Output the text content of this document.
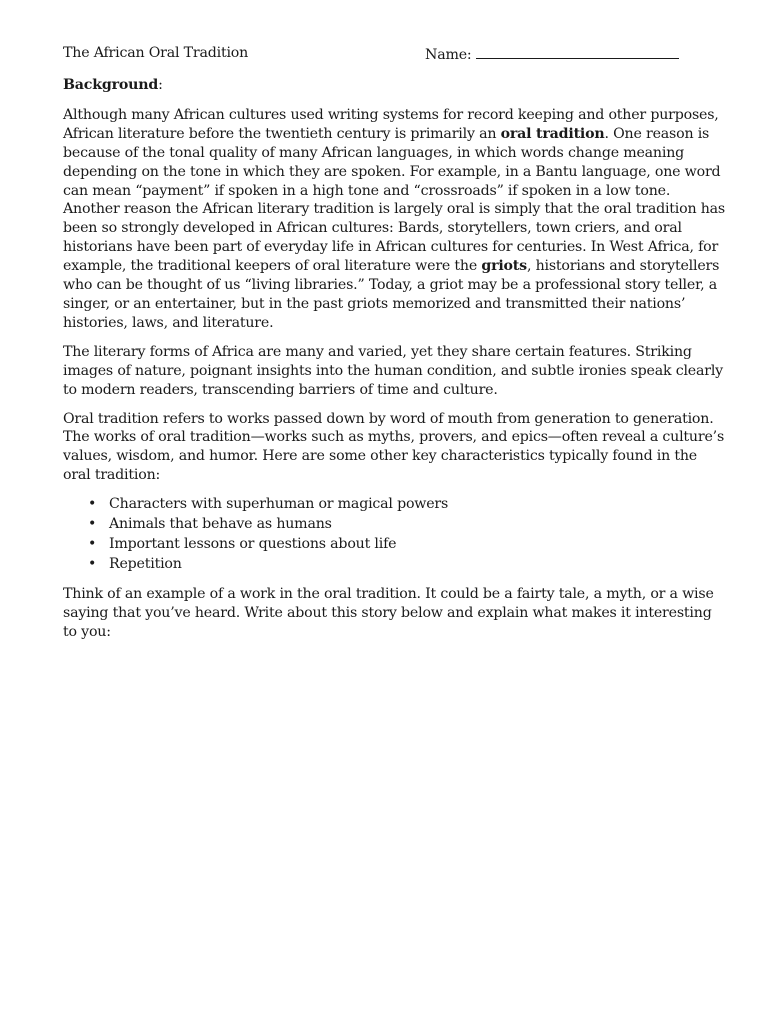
The African Oral Tradition	Name:
Background:

Although many African cultures used writing systems for record keeping and other purposes, African literature before the twentieth century is primarily an oral tradition. One reason is because of the tonal quality of many African languages, in which words change meaning depending on the tone in which they are spoken. For example, in a Bantu language, one word can mean “payment” if spoken in a high tone and “crossroads” if spoken in a low tone. Another reason the African literary tradition is largely oral is simply that the oral tradition has been so strongly developed in African cultures: Bards, storytellers, town criers, and oral historians have been part of everyday life in African cultures for centuries. In West Africa, for example, the traditional keepers of oral literature were the griots, historians and storytellers who can be thought of us “living libraries.” Today, a griot may be a professional story teller, a singer, or an entertainer, but in the past griots memorized and transmitted their nations’ histories, laws, and literature.

The literary forms of Africa are many and varied, yet they share certain features. Striking images of nature, poignant insights into the human condition, and subtle ironies speak clearly to modern readers, transcending barriers of time and culture.

Oral tradition refers to works passed down by word of mouth from generation to generation. The works of oral tradition—works such as myths, provers, and epics—often reveal a culture’s values, wisdom, and humor. Here are some other key characteristics typically found in the oral tradition:

• Characters with superhuman or magical powers
• Animals that behave as humans
• Important lessons or questions about life
• Repetition

Think of an example of a work in the oral tradition. It could be a fairty tale, a myth, or a wise saying that you’ve heard. Write about this story below and explain what makes it interesting to you:
